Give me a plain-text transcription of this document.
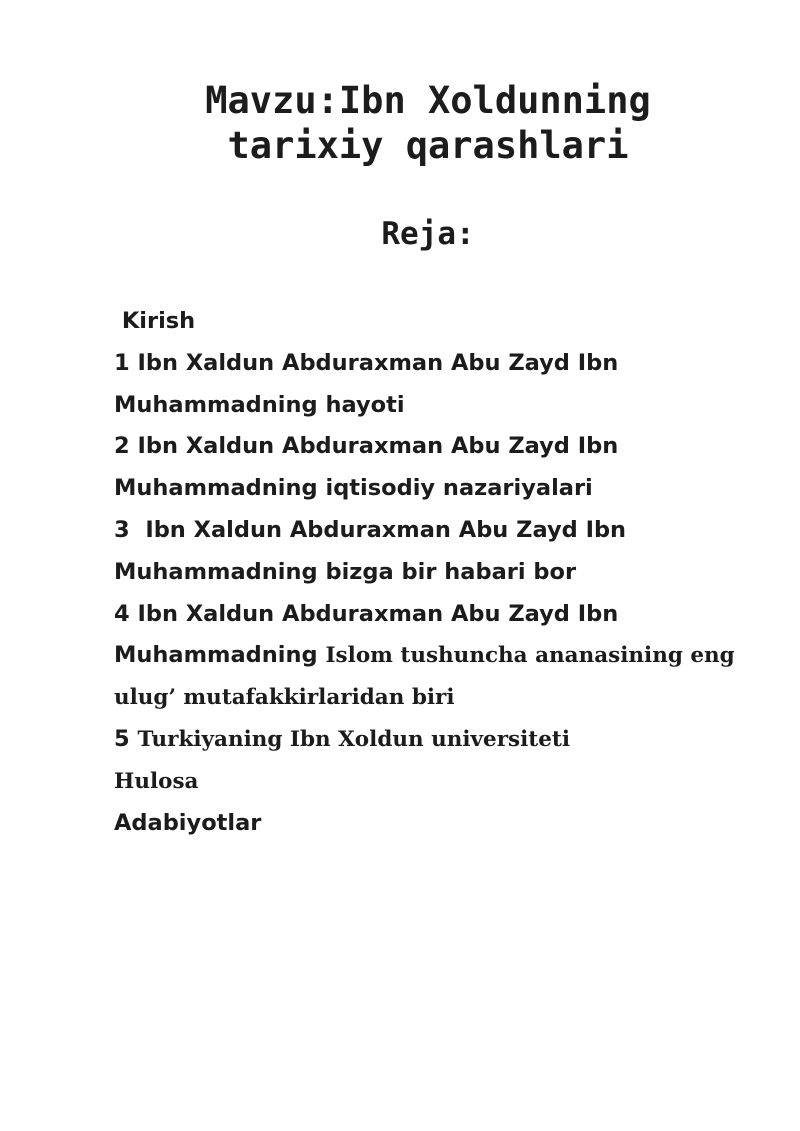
Mavzu:Ibn Xoldunning
tarixiy qarashlari
Reja:
Kirish
1 Ibn Xaldun Abduraxman Abu Zayd Ibn
Muhammadning hayoti
2 Ibn Xaldun Abduraxman Abu Zayd Ibn
Muhammadning iqtisodiy nazariyalari
3  Ibn Xaldun Abduraxman Abu Zayd Ibn
Muhammadning bizga bir habari bor
4 Ibn Xaldun Abduraxman Abu Zayd Ibn
Muhammadning Islom tushuncha ananasining eng
ulug’ mutafakkirlaridan biri
5 Turkiyaning Ibn Xoldun universiteti
Hulosa
Adabiyotlar
